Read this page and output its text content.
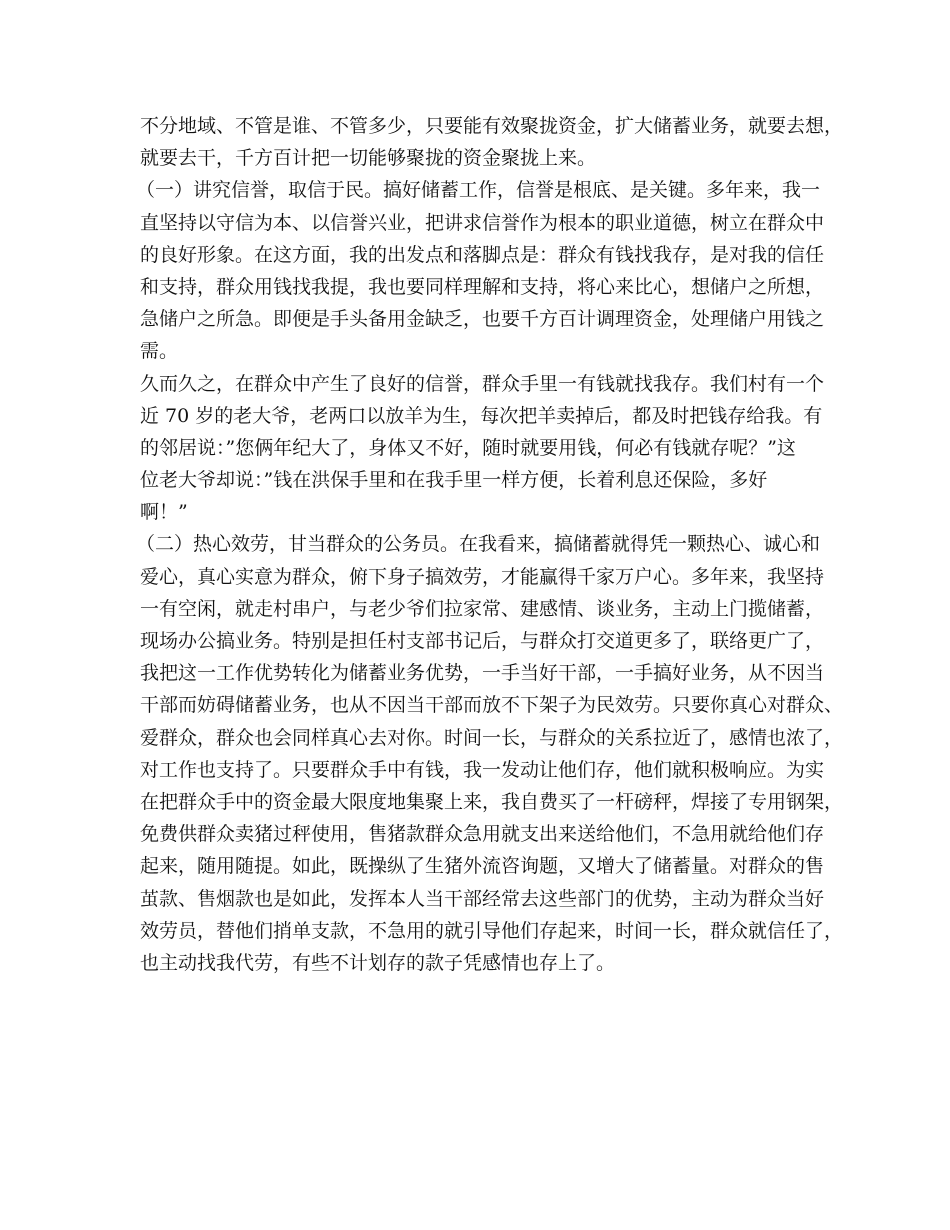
不分地域、不管是谁、不管多少，只要能有效聚拢资金，扩大储蓄业务，就要去想，
就要去干，千方百计把一切能够聚拢的资金聚拢上来。
（一）讲究信誉，取信于民。搞好储蓄工作，信誉是根底、是关键。多年来，我一
直坚持以守信为本、以信誉兴业，把讲求信誉作为根本的职业道德，树立在群众中
的良好形象。在这方面，我的出发点和落脚点是：群众有钱找我存，是对我的信任
和支持，群众用钱找我提，我也要同样理解和支持，将心来比心，想储户之所想，
急储户之所急。即便是手头备用金缺乏，也要千方百计调理资金，处理储户用钱之
需。
久而久之，在群众中产生了良好的信誉，群众手里一有钱就找我存。我们村有一个
近 70 岁的老大爷，老两口以放羊为生，每次把羊卖掉后，都及时把钱存给我。有
的邻居说：”您俩年纪大了，身体又不好，随时就要用钱，何必有钱就存呢？”这
位老大爷却说：”钱在洪保手里和在我手里一样方便，长着利息还保险，多好
啊！”
（二）热心效劳，甘当群众的公务员。在我看来，搞储蓄就得凭一颗热心、诚心和
爱心，真心实意为群众，俯下身子搞效劳，才能赢得千家万户心。多年来，我坚持
一有空闲，就走村串户，与老少爷们拉家常、建感情、谈业务，主动上门揽储蓄，
现场办公搞业务。特别是担任村支部书记后，与群众打交道更多了，联络更广了，
我把这一工作优势转化为储蓄业务优势，一手当好干部，一手搞好业务，从不因当
干部而妨碍储蓄业务，也从不因当干部而放不下架子为民效劳。只要你真心对群众、
爱群众，群众也会同样真心去对你。时间一长，与群众的关系拉近了，感情也浓了，
对工作也支持了。只要群众手中有钱，我一发动让他们存，他们就积极响应。为实
在把群众手中的资金最大限度地集聚上来，我自费买了一杆磅秤，焊接了专用钢架，
免费供群众卖猪过秤使用，售猪款群众急用就支出来送给他们，不急用就给他们存
起来，随用随提。如此，既操纵了生猪外流咨询题，又增大了储蓄量。对群众的售
茧款、售烟款也是如此，发挥本人当干部经常去这些部门的优势，主动为群众当好
效劳员，替他们捎单支款，不急用的就引导他们存起来，时间一长，群众就信任了，
也主动找我代劳，有些不计划存的款子凭感情也存上了。
